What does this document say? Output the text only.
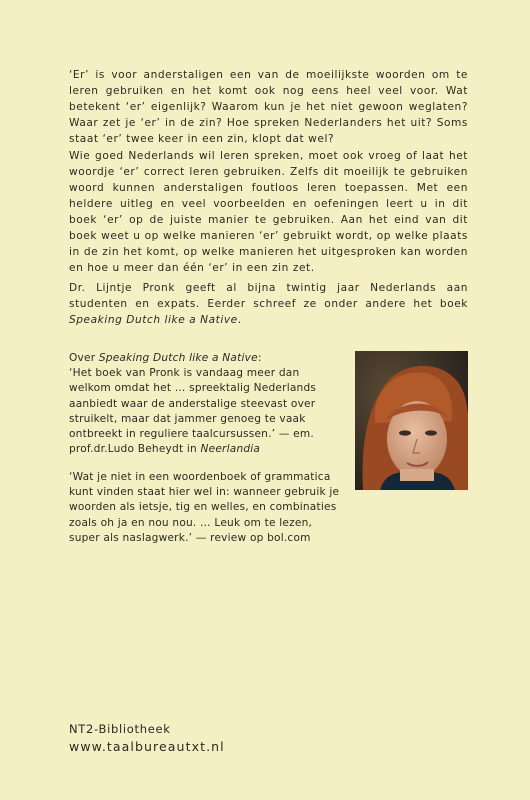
‘Er’ is voor anderstaligen een van de moeilijkste woorden om te leren gebruiken en het komt ook nog eens heel veel voor. Wat betekent ‘er’ eigenlijk? Waarom kun je het niet gewoon weglaten? Waar zet je ‘er’ in de zin? Hoe spreken Nederlanders het uit? Soms staat ‘er’ twee keer in een zin, klopt dat wel?

Wie goed Nederlands wil leren spreken, moet ook vroeg of laat het woordje ‘er’ correct leren gebruiken. Zelfs dit moeilijk te gebruiken woord kunnen anderstaligen foutloos leren toepassen. Met een heldere uitleg en veel voorbeelden en oefeningen leert u in dit boek ‘er’ op de juiste manier te gebruiken. Aan het eind van dit boek weet u op welke manieren ‘er’ gebruikt wordt, op welke plaats in de zin het komt, op welke manieren het uitgesproken kan worden en hoe u meer dan één ‘er’ in een zin zet.

Dr. Lijntje Pronk geeft al bijna twintig jaar Nederlands aan studenten en expats. Eerder schreef ze onder andere het boek Speaking Dutch like a Native.

Over Speaking Dutch like a Native:
‘Het boek van Pronk is vandaag meer dan welkom omdat het … spreektalig Nederlands aanbiedt waar de anderstalige steevast over struikelt, maar dat jammer genoeg te vaak ontbreekt in reguliere taalcursussen.’ — em. prof.dr.Ludo Beheydt in Neerlandia

‘Wat je niet in een woordenboek of grammatica kunt vinden staat hier wel in: wanneer gebruik je woorden als ietsje, tig en welles, en combinaties zoals oh ja en nou nou. … Leuk om te lezen, super als naslagwerk.’ — review op bol.com

NT2-Bibliotheek
www.taalbureautxt.nl
